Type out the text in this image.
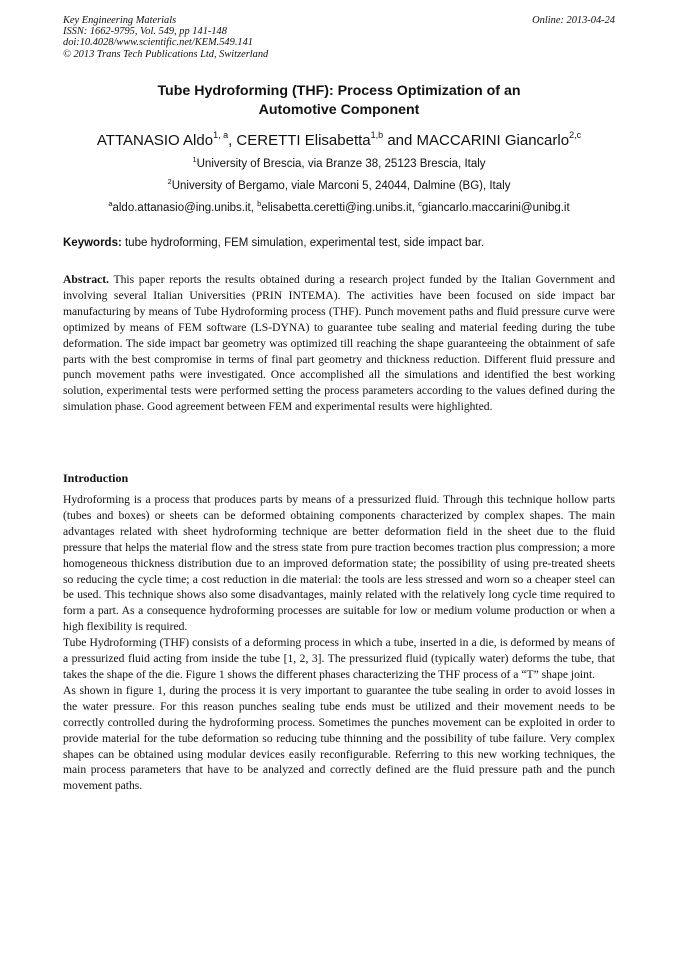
Key Engineering Materials
ISSN: 1662-9795, Vol. 549, pp 141-148
doi:10.4028/www.scientific.net/KEM.549.141
© 2013 Trans Tech Publications Ltd, Switzerland
Online: 2013-04-24
Tube Hydroforming (THF): Process Optimization of an
Automotive Component
ATTANASIO Aldo$^{1, a}$, CERETTI Elisabetta$^{1,b}$ and MACCARINI Giancarlo$^{2,c}$
$^1$University of Brescia, via Branze 38, 25123 Brescia, Italy
$^2$University of Bergamo, viale Marconi 5, 24044, Dalmine (BG), Italy
$^a$aldo.attanasio@ing.unibs.it, $^b$elisabetta.ceretti@ing.unibs.it, $^c$giancarlo.maccarini@unibg.it
Keywords: tube hydroforming, FEM simulation, experimental test, side impact bar.
Abstract. This paper reports the results obtained during a research project funded by the Italian Government and involving several Italian Universities (PRIN INTEMA). The activities have been focused on side impact bar manufacturing by means of Tube Hydroforming process (THF). Punch movement paths and fluid pressure curve were optimized by means of FEM software (LS-DYNA) to guarantee tube sealing and material feeding during the tube deformation. The side impact bar geometry was optimized till reaching the shape guaranteeing the obtainment of safe parts with the best compromise in terms of final part geometry and thickness reduction. Different fluid pressure and punch movement paths were investigated. Once accomplished all the simulations and identified the best working solution, experimental tests were performed setting the process parameters according to the values defined during the simulation phase. Good agreement between FEM and experimental results were highlighted.
Introduction

Hydroforming is a process that produces parts by means of a pressurized fluid. Through this technique hollow parts (tubes and boxes) or sheets can be deformed obtaining components characterized by complex shapes. The main advantages related with sheet hydroforming technique are better deformation field in the sheet due to the fluid pressure that helps the material flow and the stress state from pure traction becomes traction plus compression; a more homogeneous thickness distribution due to an improved deformation state; the possibility of using pre-treated sheets so reducing the cycle time; a cost reduction in die material: the tools are less stressed and worn so a cheaper steel can be used. This technique shows also some disadvantages, mainly related with the relatively long cycle time required to form a part. As a consequence hydroforming processes are suitable for low or medium volume production or when a high flexibility is required.

Tube Hydroforming (THF) consists of a deforming process in which a tube, inserted in a die, is deformed by means of a pressurized fluid acting from inside the tube [1, 2, 3]. The pressurized fluid (typically water) deforms the tube, that takes the shape of the die. Figure 1 shows the different phases characterizing the THF process of a “T” shape joint.

As shown in figure 1, during the process it is very important to guarantee the tube sealing in order to avoid losses in the water pressure. For this reason punches sealing tube ends must be utilized and their movement needs to be correctly controlled during the hydroforming process. Sometimes the punches movement can be exploited in order to provide material for the tube deformation so reducing tube thinning and the possibility of tube failure. Very complex shapes can be obtained using modular devices easily reconfigurable. Referring to this new working techniques, the main process parameters that have to be analyzed and correctly defined are the fluid pressure path and the punch movement paths.
